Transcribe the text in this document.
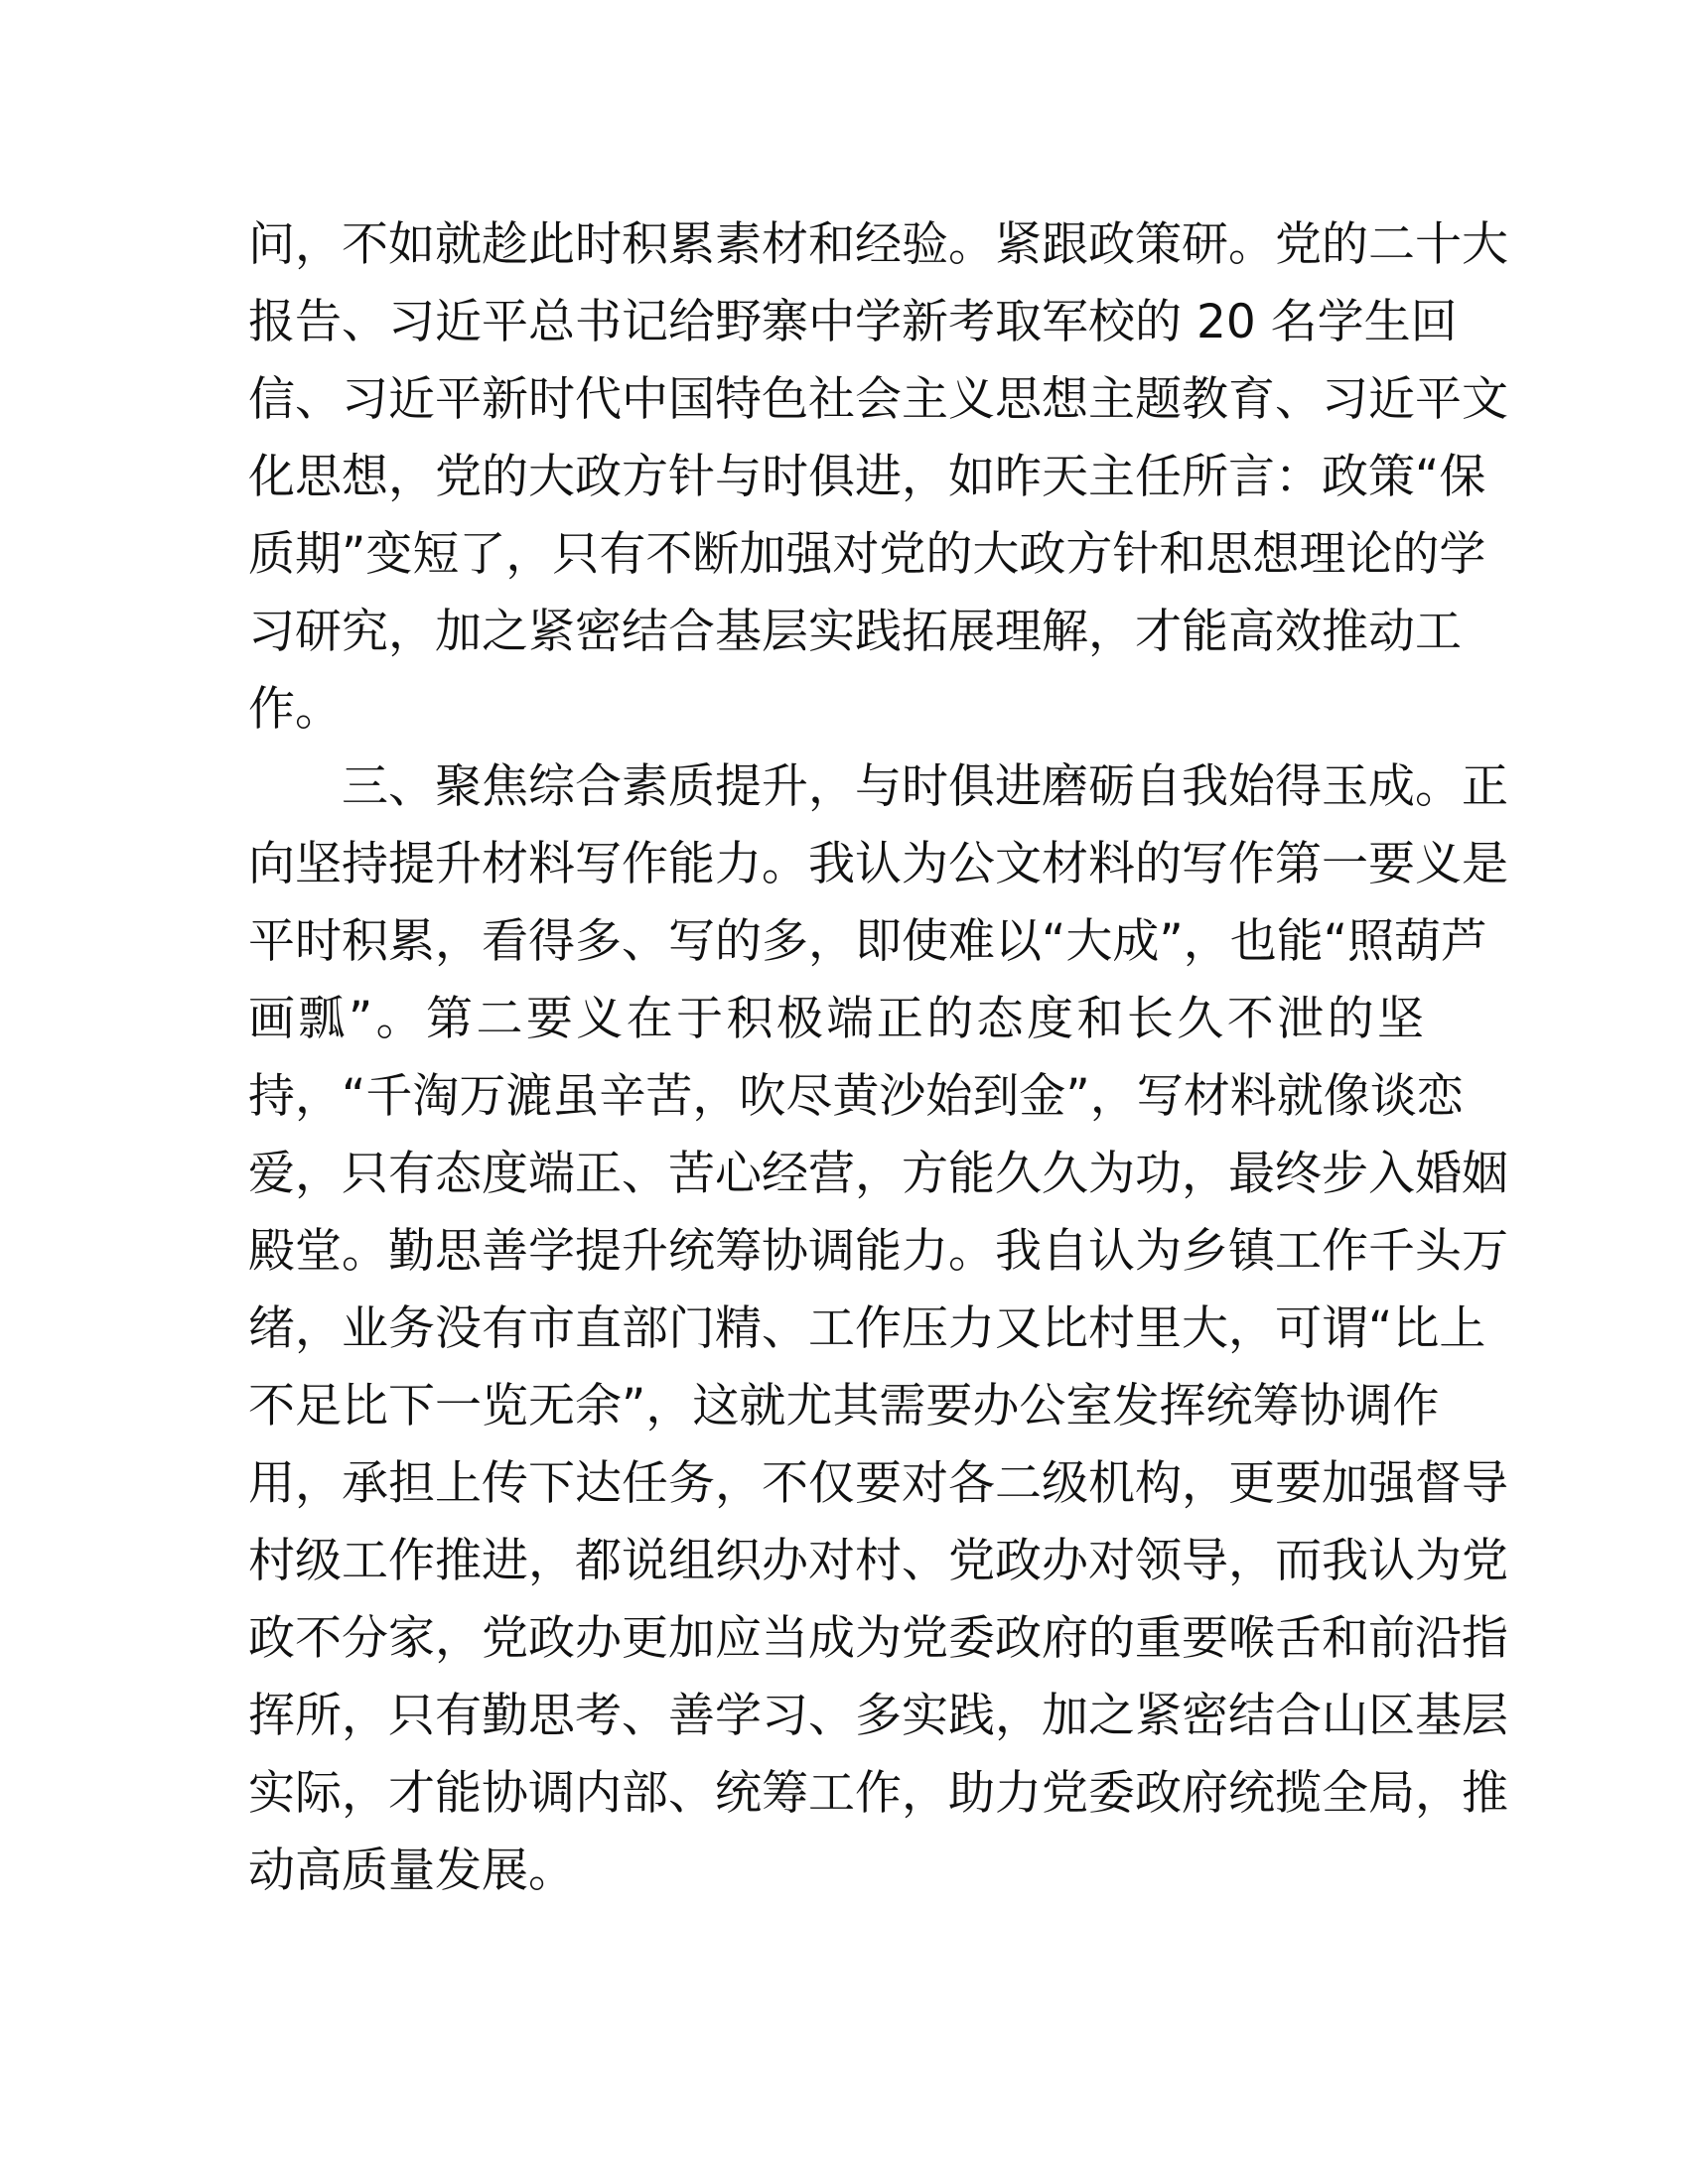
问，不如就趁此时积累素材和经验。紧跟政策研。党的二十大
报告、习近平总书记给野寨中学新考取军校的 20 名学生回
信、习近平新时代中国特色社会主义思想主题教育、习近平文
化思想，党的大政方针与时俱进，如昨天主任所言：政策“保
质期”变短了，只有不断加强对党的大政方针和思想理论的学
习研究，加之紧密结合基层实践拓展理解，才能高效推动工
作。
三、聚焦综合素质提升，与时俱进磨砺自我始得玉成。正
向坚持提升材料写作能力。我认为公文材料的写作第一要义是
平时积累，看得多、写的多，即使难以“大成”，也能“照葫芦
画瓢”。第二要义在于积极端正的态度和长久不泄的坚
持，“千淘万漉虽辛苦，吹尽黄沙始到金”，写材料就像谈恋
爱，只有态度端正、苦心经营，方能久久为功，最终步入婚姻
殿堂。勤思善学提升统筹协调能力。我自认为乡镇工作千头万
绪，业务没有市直部门精、工作压力又比村里大，可谓“比上
不足比下一览无余”，这就尤其需要办公室发挥统筹协调作
用，承担上传下达任务，不仅要对各二级机构，更要加强督导
村级工作推进，都说组织办对村、党政办对领导，而我认为党
政不分家，党政办更加应当成为党委政府的重要喉舌和前沿指
挥所，只有勤思考、善学习、多实践，加之紧密结合山区基层
实际，才能协调内部、统筹工作，助力党委政府统揽全局，推
动高质量发展。
